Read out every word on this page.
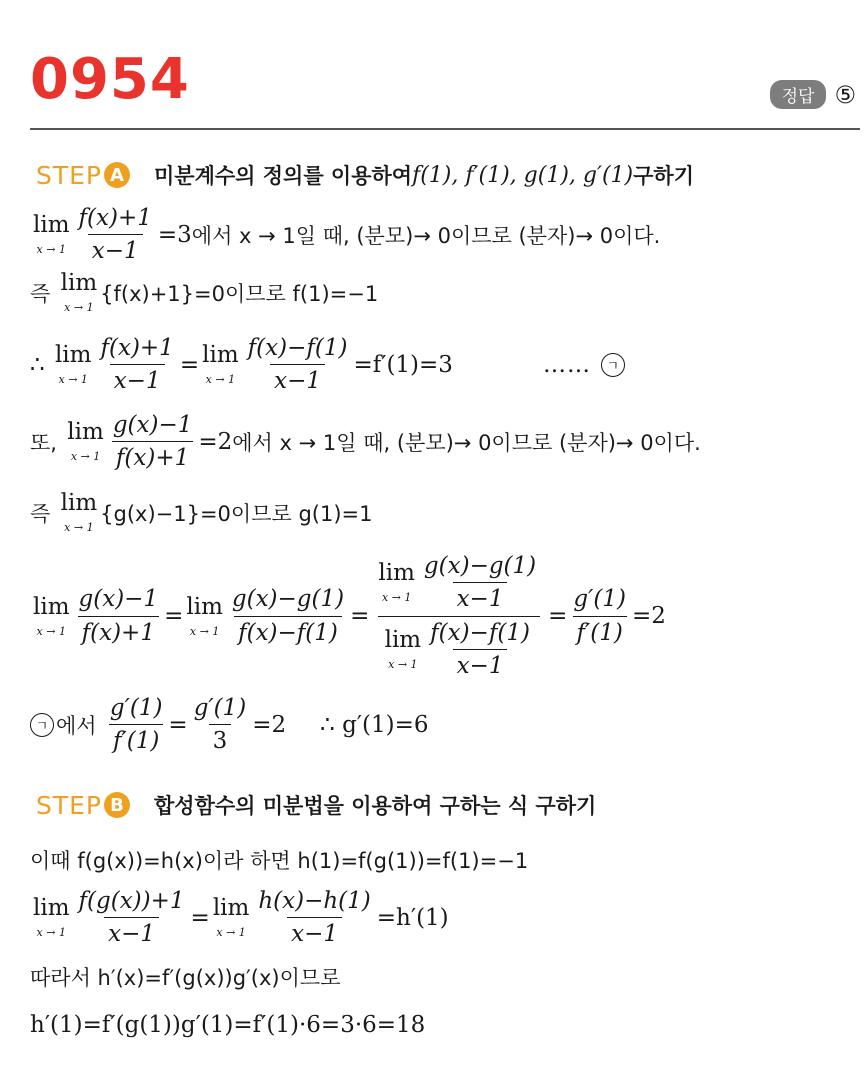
0954	정답 ⑤
STEP A 미분계수의 정의를 이용하여 f(1), f′(1), g(1), g′(1) 구하기
lim
$x \to 1 \frac{f(x)+1}{x-1} =3$ 에서 x → 1일 때, (분모)→ 0이므로 (분자)→ 0이다.
즉
lim
x → 1
{f(x)+1}=0이므로 f(1)=−1
∴
lim
$x \to 1 \frac{f(x)+1}{x-1} = \lim$
$x \to 1 \frac{f(x)-f(1)}{x-1} =f'(1)=3$	……	ㄱ
또,
lim
$x \to 1 \frac{g(x)-1}{f(x)+1} =2$ 에서 x → 1일 때, (분모)→ 0이므로 (분자)→ 0이다.
즉
lim
x → 1
{g(x)−1}=0이므로 g(1)=1
lim
$x \to 1 \frac{g(x)-1}{f(x)+1} = \lim$
$x \to 1 \frac{g(x)-g(1)}{f(x)-f(1)} = \lim$
$x \to 1 \frac{g(x)-g(1)}{x-1}$
lim
$x \to 1 \frac{f(x)-f(1)}{x-1} = \frac{g'(1)}{f'(1)} =2$
ㄱ 에서
$\frac{g'(1)}{f'(1)} = \frac{g'(1)}{3} =2$ ∴ g′(1)=6
STEP B 합성함수의 미분법을 이용하여 구하는 식 구하기
이때 f(g(x))=h(x)이라 하면 h(1)=f(g(1))=f(1)=−1
lim
$x \to 1 \frac{f(g(x))+1}{x-1} = \lim$
$x \to 1 \frac{h(x)-h(1)}{x-1} =h'(1)$
따라서 h′(x)=f′(g(x))g′(x)이므로
h′(1)=f′(g(1))g′(1)=f′(1)·6=3·6=18
